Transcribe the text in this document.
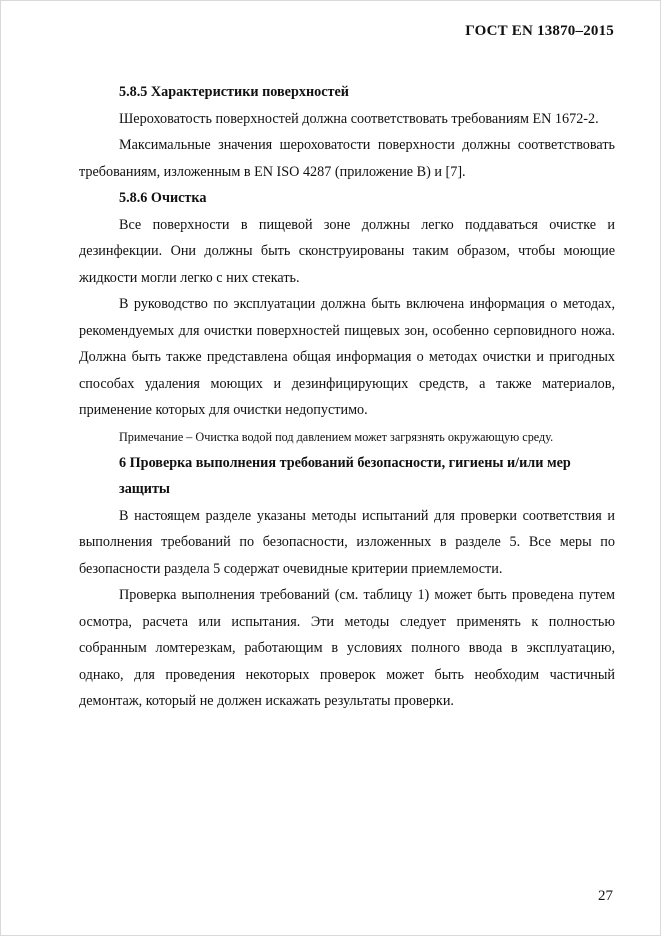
ГОСТ EN 13870–2015

5.8.5 Характеристики поверхностей

Шероховатость поверхностей должна соответствовать требованиям EN 1672-2.

Максимальные значения шероховатости поверхности должны соответствовать требованиям, изложенным в EN ISO 4287 (приложение В) и [7].

5.8.6 Очистка

Все поверхности в пищевой зоне должны легко поддаваться очистке и дезинфекции. Они должны быть сконструированы таким образом, чтобы моющие жидкости могли легко с них стекать.

В руководство по эксплуатации должна быть включена информация о методах, рекомендуемых для очистки поверхностей пищевых зон, особенно серповидного ножа. Должна быть также представлена общая информация о методах очистки и пригодных способах удаления моющих и дезинфицирующих средств, а также материалов, применение которых для очистки недопустимо.

Примечание – Очистка водой под давлением может загрязнять окружающую среду.

6 Проверка выполнения требований безопасности, гигиены и/или мер защиты

В настоящем разделе указаны методы испытаний для проверки соответствия и выполнения требований по безопасности, изложенных в разделе 5. Все меры по безопасности раздела 5 содержат очевидные критерии приемлемости.

Проверка выполнения требований (см. таблицу 1) может быть проведена путем осмотра, расчета или испытания. Эти методы следует применять к полностью собранным ломтерезкам, работающим в условиях полного ввода в эксплуатацию, однако, для проведения некоторых проверок может быть необходим частичный демонтаж, который не должен искажать результаты проверки.

27
